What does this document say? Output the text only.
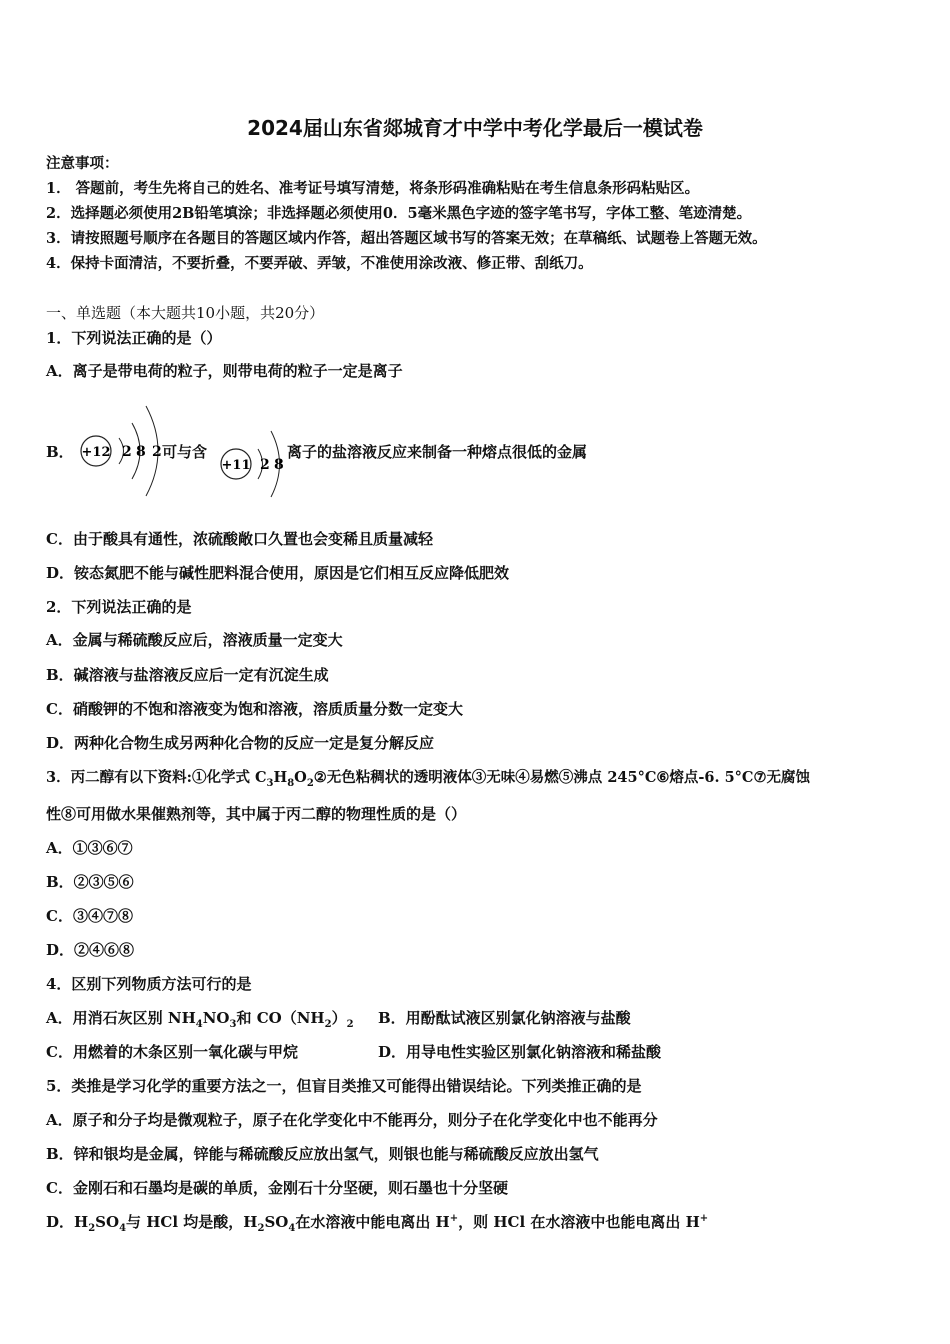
2024届山东省郯城育才中学中考化学最后一模试卷
注意事项：
1． 答题前，考生先将自己的姓名、准考证号填写清楚，将条形码准确粘贴在考生信息条形码粘贴区。
2．选择题必须使用2B铅笔填涂；非选择题必须使用0．5毫米黑色字迹的签字笔书写，字体工整、笔迹清楚。
3．请按照题号顺序在各题目的答题区域内作答，超出答题区域书写的答案无效；在草稿纸、试题卷上答题无效。
4．保持卡面清洁，不要折叠，不要弄破、弄皱，不准使用涂改液、修正带、刮纸刀。
一、单选题（本大题共10小题，共20分）
1．下列说法正确的是（）
A．离子是带电荷的粒子，则带电荷的粒子一定是离子
B． +12 2 8 2 可与含
+11 2 8
离子的盐溶液反应来制备一种熔点很低的金属
C．由于酸具有通性，浓硫酸敞口久置也会变稀且质量减轻
D．铵态氮肥不能与碱性肥料混合使用，原因是它们相互反应降低肥效
2．下列说法正确的是
A．金属与稀硫酸反应后，溶液质量一定变大
B．碱溶液与盐溶液反应后一定有沉淀生成
C．硝酸钾的不饱和溶液变为饱和溶液，溶质质量分数一定变大
D．两种化合物生成另两种化合物的反应一定是复分解反应
3．丙二醇有以下资料:①化学式 $C_3H_8O_2②$无色粘稠状的透明液体③无味④易燃⑤沸点 245°C⑥熔点-6. 5°C⑦无腐蚀
性⑧可用做水果催熟剂等，其中属于丙二醇的物理性质的是（）
A．①③⑥⑦
B．②③⑤⑥
C．③④⑦⑧
D．②④⑥⑧
4．区别下列物质方法可行的是
A．用消石灰区别 $NH_4NO_3$和 $CO(NH_2)_2$ B．用酚酞试液区别氯化钠溶液与盐酸
C．用燃着的木条区别一氧化碳与甲烷	D．用导电性实验区别氯化钠溶液和稀盐酸
5．类推是学习化学的重要方法之一，但盲目类推又可能得出错误结论。下列类推正确的是
A．原子和分子均是微观粒子，原子在化学变化中不能再分，则分子在化学变化中也不能再分
B．锌和银均是金属，锌能与稀硫酸反应放出氢气，则银也能与稀硫酸反应放出氢气
C．金刚石和石墨均是碳的单质，金刚石十分坚硬，则石墨也十分坚硬
D．$H_2SO_4$与 HCl 均是酸，$H_2SO_4$在水溶液中能电离出 H+，则 HCl 在水溶液中也能电离出 H+
